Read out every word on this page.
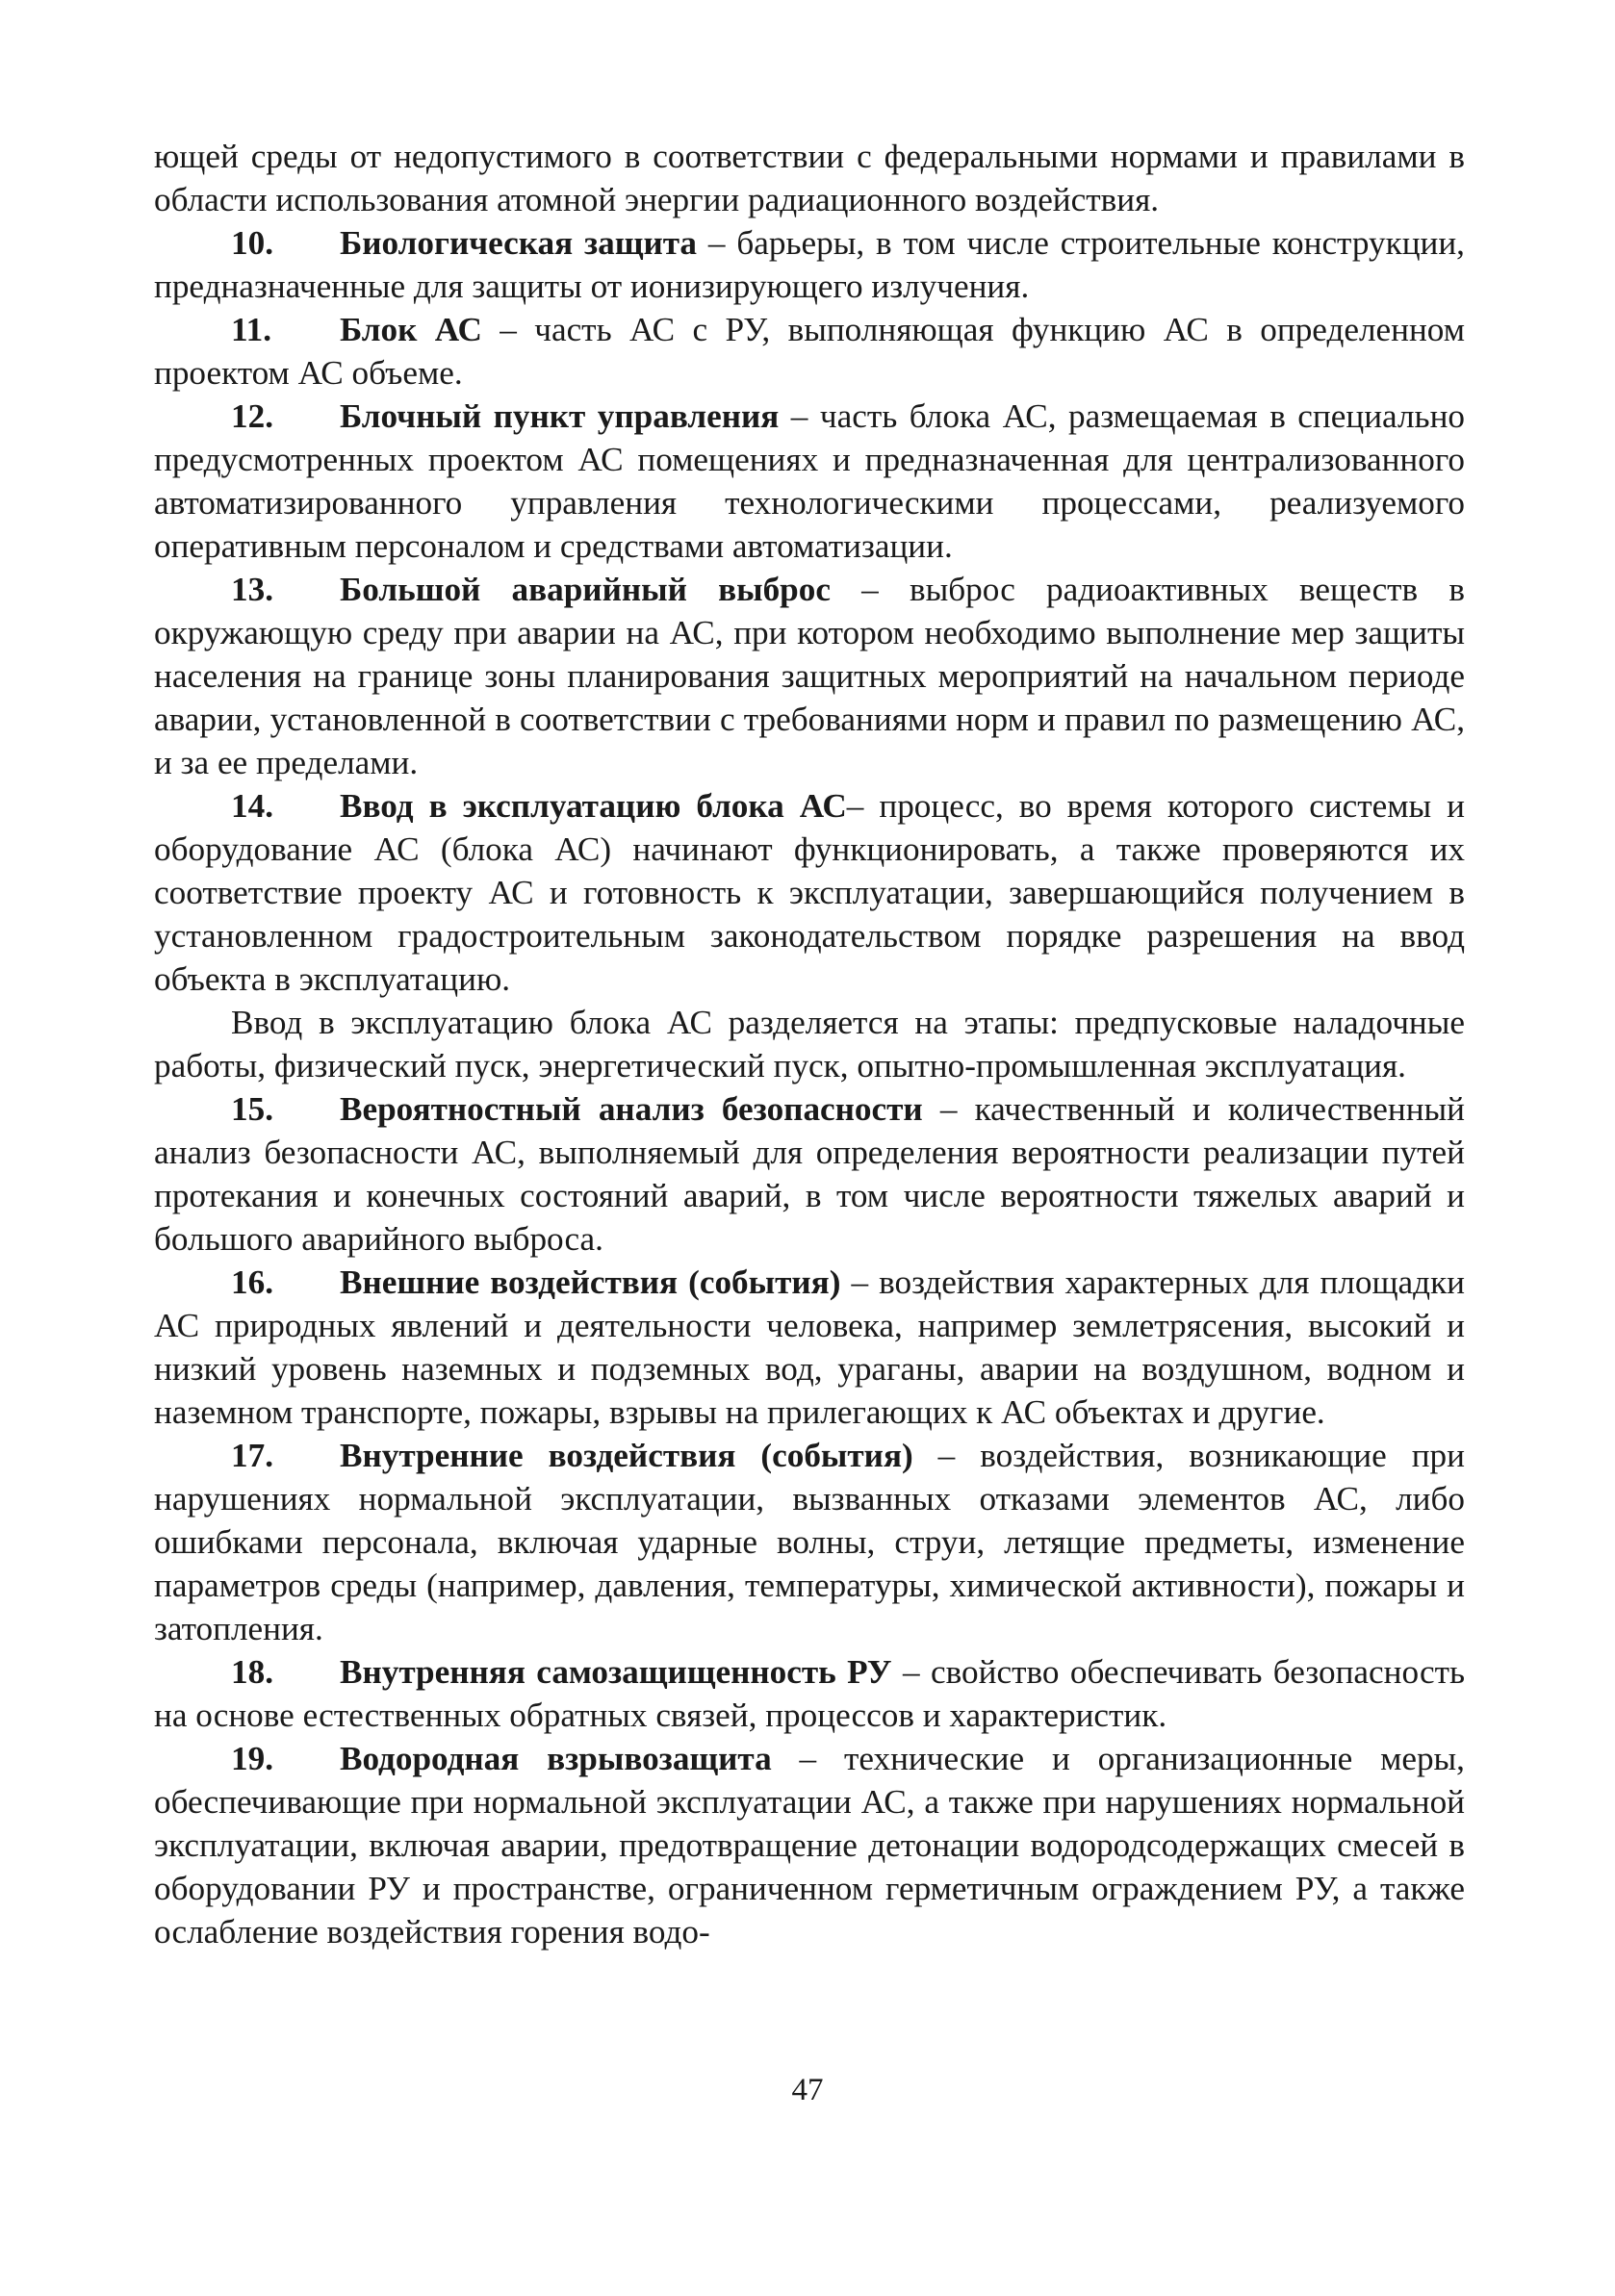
ющей среды от недопустимого в соответствии с федеральными нормами и правилами в области использования атомной энергии радиационного воздействия.

10. Биологическая защита – барьеры, в том числе строительные конструкции, предназначенные для защиты от ионизирующего излучения.

11. Блок АС – часть АС с РУ, выполняющая функцию АС в определенном проектом АС объеме.

12. Блочный пункт управления – часть блока АС, размещаемая в специально предусмотренных проектом АС помещениях и предназначенная для централизованного автоматизированного управления технологическими процессами, реализуемого оперативным персоналом и средствами автоматизации.

13. Большой аварийный выброс – выброс радиоактивных веществ в окружающую среду при аварии на АС, при котором необходимо выполнение мер защиты населения на границе зоны планирования защитных мероприятий на начальном периоде аварии, установленной в соответствии с требованиями норм и правил по размещению АС, и за ее пределами.

14. Ввод в эксплуатацию блока АС– процесс, во время которого системы и оборудование АС (блока АС) начинают функционировать, а также проверяются их соответствие проекту АС и готовность к эксплуатации, завершающийся получением в установленном градостроительным законодательством порядке разрешения на ввод объекта в эксплуатацию.

Ввод в эксплуатацию блока АС разделяется на этапы: предпусковые наладочные работы, физический пуск, энергетический пуск, опытно-промышленная эксплуатация.

15. Вероятностный анализ безопасности – качественный и количественный анализ безопасности АС, выполняемый для определения вероятности реализации путей протекания и конечных состояний аварий, в том числе вероятности тяжелых аварий и большого аварийного выброса.

16. Внешние воздействия (события) – воздействия характерных для площадки АС природных явлений и деятельности человека, например землетрясения, высокий и низкий уровень наземных и подземных вод, ураганы, аварии на воздушном, водном и наземном транспорте, пожары, взрывы на прилегающих к АС объектах и другие.

17. Внутренние воздействия (события) – воздействия, возникающие при нарушениях нормальной эксплуатации, вызванных отказами элементов АС, либо ошибками персонала, включая ударные волны, струи, летящие предметы, изменение параметров среды (например, давления, температуры, химической активности), пожары и затопления.

18. Внутренняя самозащищенность РУ – свойство обеспечивать безопасность на основе естественных обратных связей, процессов и характеристик.

19. Водородная взрывозащита – технические и организационные меры, обеспечивающие при нормальной эксплуатации АС, а также при нарушениях нормальной эксплуатации, включая аварии, предотвращение детонации водородсодержащих смесей в оборудовании РУ и пространстве, ограниченном герметичным ограждением РУ, а также ослабление воздействия горения водо-

47
